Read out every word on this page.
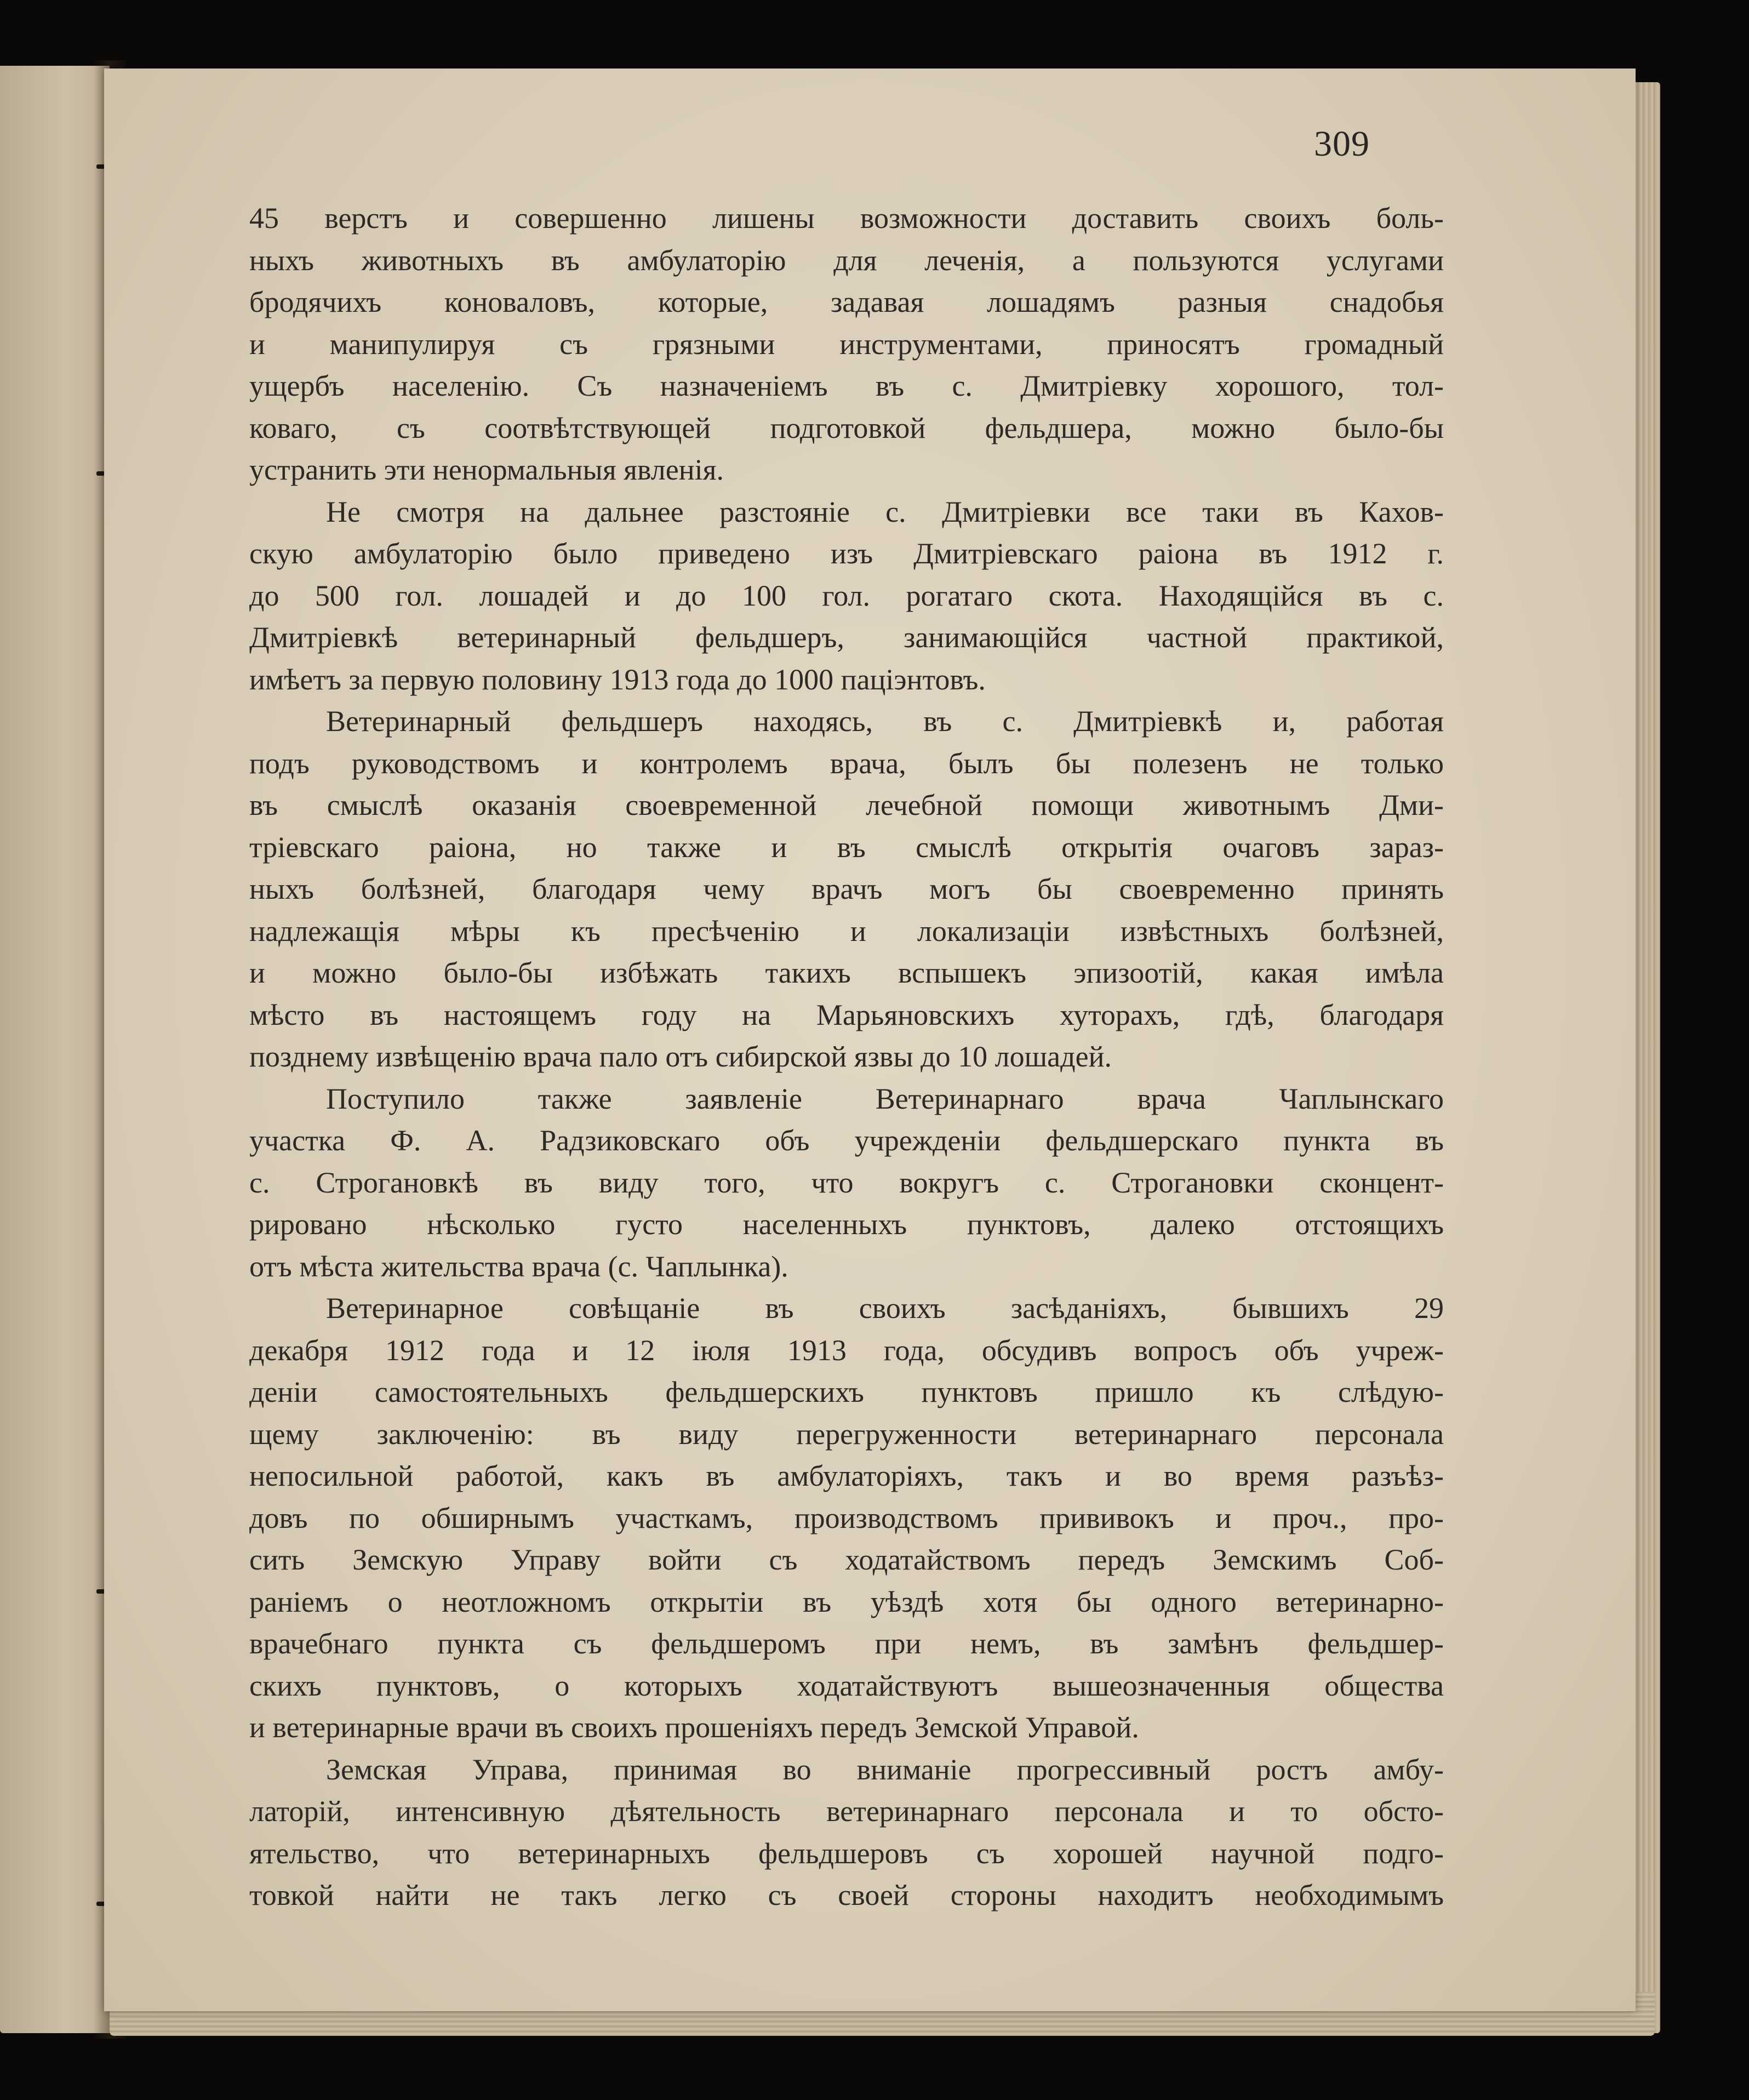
309
45 верстъ и совершенно лишены возможности доставить своихъ боль-
ныхъ животныхъ въ амбулаторію для леченія, а пользуются услугами
бродячихъ коноваловъ, которые, задавая лошадямъ разныя снадобья
и манипулируя съ грязными инструментами, приносятъ громадный
ущербъ населенію. Съ назначеніемъ въ с. Дмитріевку хорошого, тол-
коваго, съ соотвѣтствующей подготовкой фельдшера, можно было-бы
устранить эти ненормальныя явленія.
Не смотря на дальнее разстояніе с. Дмитріевки все таки въ Кахов-
скую амбулаторію было приведено изъ Дмитріевскаго раіона въ 1912 г.
до 500 гол. лошадей и до 100 гол. рогатаго скота. Находящійся въ с.
Дмитріевкѣ ветеринарный фельдшеръ, занимающійся частной практикой,
имѣетъ за первую половину 1913 года до 1000 паціэнтовъ.
Ветеринарный фельдшеръ находясь, въ с. Дмитріевкѣ и, работая
подъ руководствомъ и контролемъ врача, былъ бы полезенъ не только
въ смыслѣ оказанія своевременной лечебной помощи животнымъ Дми-
тріевскаго раіона, но также и въ смыслѣ открытія очаговъ зараз-
ныхъ болѣзней, благодаря чему врачъ могъ бы своевременно принять
надлежащія мѣры къ пресѣченію и локализаціи извѣстныхъ болѣзней,
и можно было-бы избѣжать такихъ вспышекъ эпизоотій, какая имѣла
мѣсто въ настоящемъ году на Марьяновскихъ хуторахъ, гдѣ, благодаря
позднему извѣщенію врача пало отъ сибирской язвы до 10 лошадей.
Поступило также заявленіе Ветеринарнаго врача Чаплынскаго
участка Ф. А. Радзиковскаго объ учрежденіи фельдшерскаго пункта въ
с. Строгановкѣ въ виду того, что вокругъ с. Строгановки сконцент-
рировано нѣсколько густо населенныхъ пунктовъ, далеко отстоящихъ
отъ мѣста жительства врача (с. Чаплынка).
Ветеринарное совѣщаніе въ своихъ засѣданіяхъ, бывшихъ 29
декабря 1912 года и 12 іюля 1913 года, обсудивъ вопросъ объ учреж-
деніи самостоятельныхъ фельдшерскихъ пунктовъ пришло къ слѣдую-
щему заключенію: въ виду перегруженности ветеринарнаго персонала
непосильной работой, какъ въ амбулаторіяхъ, такъ и во время разъѣз-
довъ по обширнымъ участкамъ, производствомъ прививокъ и проч., про-
сить Земскую Управу войти съ ходатайствомъ передъ Земскимъ Соб-
раніемъ о неотложномъ открытіи въ уѣздѣ хотя бы одного ветеринарно-
врачебнаго пункта съ фельдшеромъ при немъ, въ замѣнъ фельдшер-
скихъ пунктовъ, о которыхъ ходатайствуютъ вышеозначенныя общества
и ветеринарные врачи въ своихъ прошеніяхъ передъ Земской Управой.
Земская Управа, принимая во вниманіе прогрессивный ростъ амбу-
латорій, интенсивную дѣятельность ветеринарнаго персонала и то обсто-
ятельство, что ветеринарныхъ фельдшеровъ съ хорошей научной подго-
товкой найти не такъ легко съ своей стороны находитъ необходимымъ
